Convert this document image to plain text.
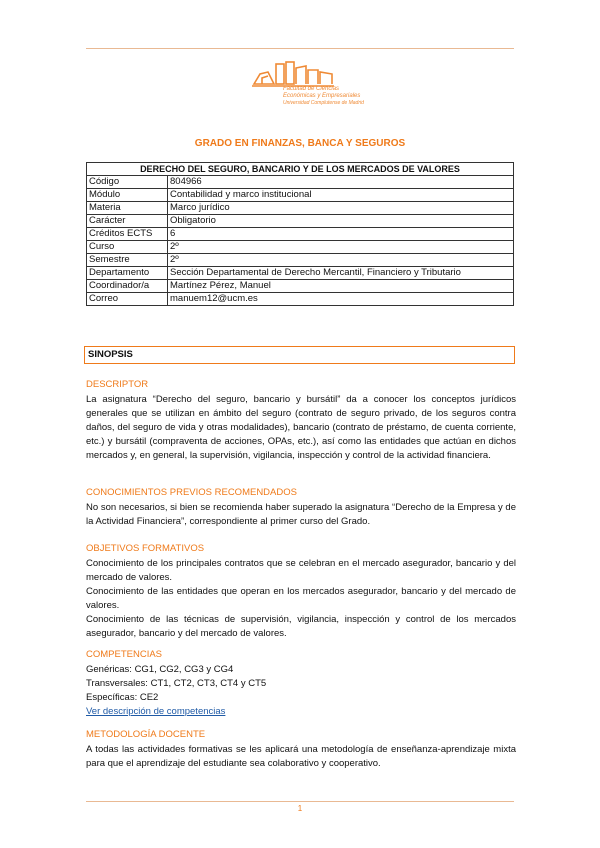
Facultad de Ciencias
Económicas y Empresariales
Universidad Complutense de Madrid
GRADO EN FINANZAS, BANCA Y SEGUROS
DERECHO DEL SEGURO, BANCARIO Y DE LOS MERCADOS DE VALORES	
Código	804966
Módulo	Contabilidad y marco institucional
Materia	Marco jurídico
Carácter	Obligatorio
Créditos ECTS	6
Curso	2º
Semestre	2º
Departamento	Sección Departamental de Derecho Mercantil, Financiero y Tributario
Coordinador/a	Martínez Pérez, Manuel
Correo	manuem12@ucm.es
SINOPSIS
DESCRIPTOR

La asignatura “Derecho del seguro, bancario y bursátil” da a conocer los conceptos jurídicos generales que se utilizan en ámbito del seguro (contrato de seguro privado, de los seguros contra daños, del seguro de vida y otras modalidades), bancario (contrato de préstamo, de cuenta corriente, etc.) y bursátil (compraventa de acciones, OPAs, etc.), así como las entidades que actúan en dichos mercados y, en general, la supervisión, vigilancia, inspección y control de la actividad financiera.

CONOCIMIENTOS PREVIOS RECOMENDADOS

No son necesarios, si bien se recomienda haber superado la asignatura “Derecho de la Empresa y de la Actividad Financiera”, correspondiente al primer curso del Grado.

OBJETIVOS FORMATIVOS

Conocimiento de los principales contratos que se celebran en el mercado asegurador, bancario y del mercado de valores.

Conocimiento de las entidades que operan en los mercados asegurador, bancario y del mercado de valores.

Conocimiento de las técnicas de supervisión, vigilancia, inspección y control de los mercados asegurador, bancario y del mercado de valores.

COMPETENCIAS
Genéricas: CG1, CG2, CG3 y CG4
Transversales: CT1, CT2, CT3, CT4 y CT5
Específicas: CE2
Ver descripción de competencias
METODOLOGÍA DOCENTE

A todas las actividades formativas se les aplicará una metodología de enseñanza-aprendizaje mixta para que el aprendizaje del estudiante sea colaborativo y cooperativo.

1
